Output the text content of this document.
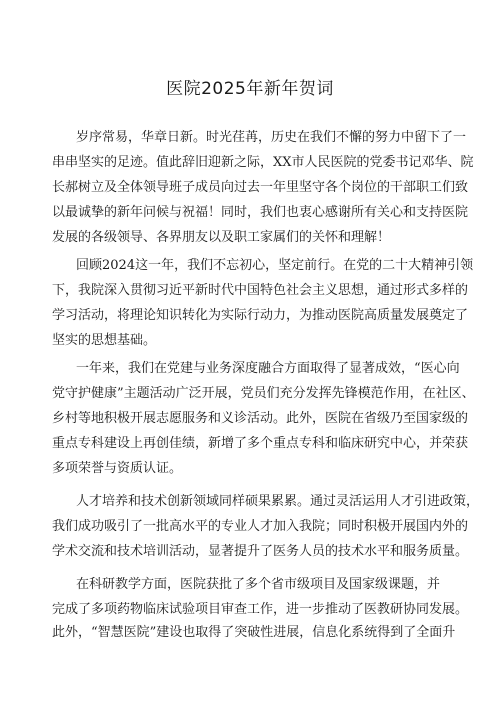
医院2025年新年贺词
岁序常易，华章日新。时光荏苒，历史在我们不懈的努力中留下了一
串串坚实的足迹。值此辞旧迎新之际，XX市人民医院的党委书记邓华、院
长郝树立及全体领导班子成员向过去一年里坚守各个岗位的干部职工们致
以最诚挚的新年问候与祝福！同时，我们也衷心感谢所有关心和支持医院
发展的各级领导、各界朋友以及职工家属们的关怀和理解！
回顾2024这一年，我们不忘初心，坚定前行。在党的二十大精神引领
下，我院深入贯彻习近平新时代中国特色社会主义思想，通过形式多样的
学习活动，将理论知识转化为实际行动力，为推动医院高质量发展奠定了
坚实的思想基础。
一年来，我们在党建与业务深度融合方面取得了显著成效，“医心向
党守护健康”主题活动广泛开展，党员们充分发挥先锋模范作用，在社区、
乡村等地积极开展志愿服务和义诊活动。此外，医院在省级乃至国家级的
重点专科建设上再创佳绩，新增了多个重点专科和临床研究中心，并荣获
多项荣誉与资质认证。
人才培养和技术创新领域同样硕果累累。通过灵活运用人才引进政策，
我们成功吸引了一批高水平的专业人才加入我院；同时积极开展国内外的
学术交流和技术培训活动，显著提升了医务人员的技术水平和服务质量。
在科研教学方面，医院获批了多个省市级项目及国家级课题，并
完成了多项药物临床试验项目审查工作，进一步推动了医教研协同发展。
此外，“智慧医院”建设也取得了突破性进展，信息化系统得到了全面升
